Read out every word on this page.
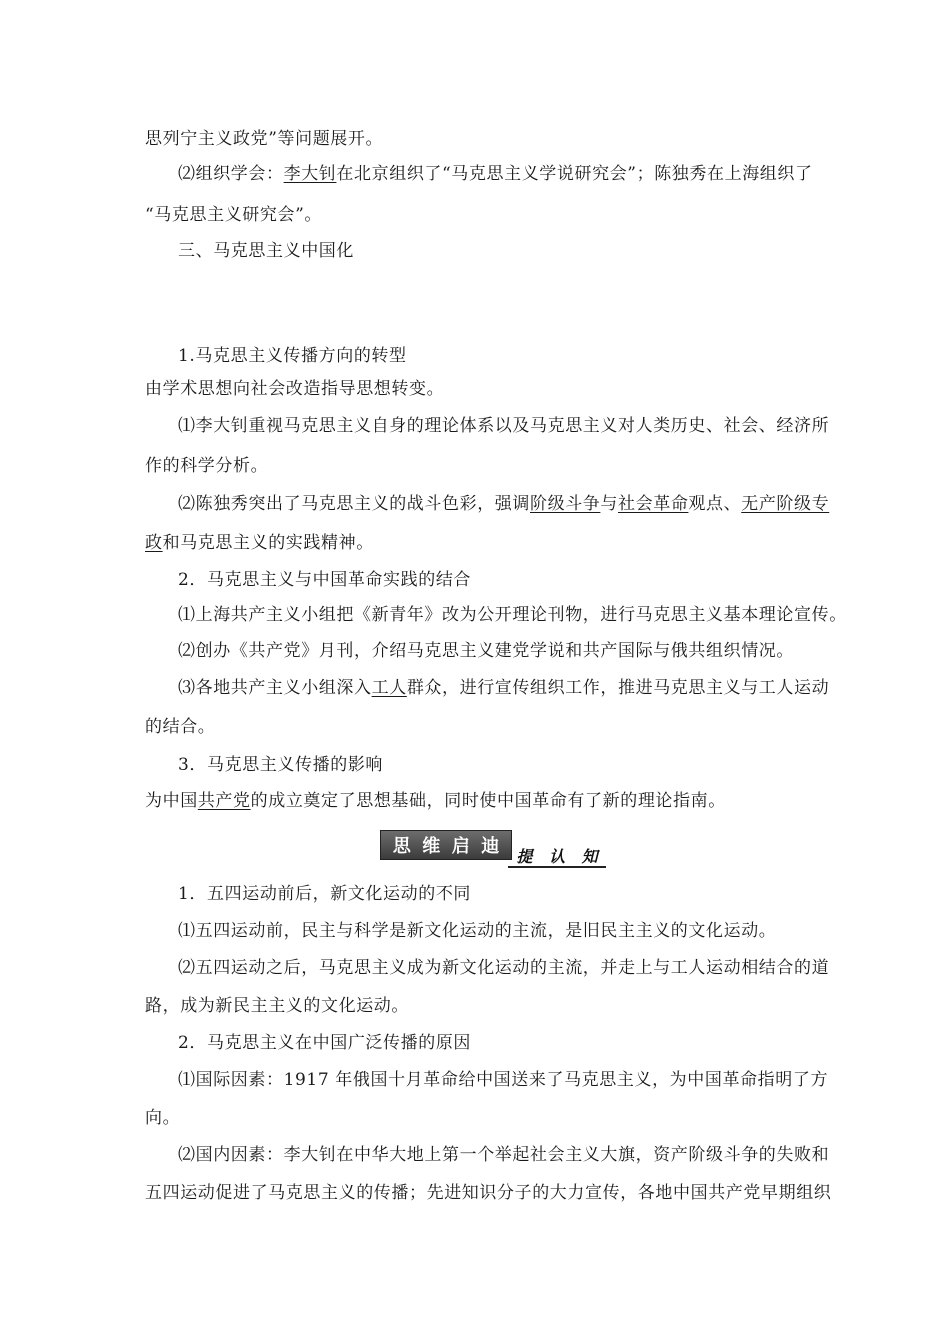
思列宁主义政党”等问题展开。
⑵组织学会：李大钊在北京组织了“马克思主义学说研究会”；陈独秀在上海组织了
“马克思主义研究会”。
三、马克思主义中国化
1.马克思主义传播方向的转型
由学术思想向社会改造指导思想转变。
⑴李大钊重视马克思主义自身的理论体系以及马克思主义对人类历史、社会、经济所
作的科学分析。
⑵陈独秀突出了马克思主义的战斗色彩，强调阶级斗争与社会革命观点、无产阶级专
政和马克思主义的实践精神。
2．马克思主义与中国革命实践的结合
⑴上海共产主义小组把《新青年》改为公开理论刊物，进行马克思主义基本理论宣传。
⑵创办《共产党》月刊，介绍马克思主义建党学说和共产国际与俄共组织情况。
⑶各地共产主义小组深入工人群众，进行宣传组织工作，推进马克思主义与工人运动
的结合。
3．马克思主义传播的影响
为中国共产党的成立奠定了思想基础，同时使中国革命有了新的理论指南。
思 维 启 迪 提 认 知
1．五四运动前后，新文化运动的不同
⑴五四运动前，民主与科学是新文化运动的主流，是旧民主主义的文化运动。
⑵五四运动之后，马克思主义成为新文化运动的主流，并走上与工人运动相结合的道
路，成为新民主主义的文化运动。
2．马克思主义在中国广泛传播的原因
⑴国际因素：1917 年俄国十月革命给中国送来了马克思主义，为中国革命指明了方
向。
⑵国内因素：李大钊在中华大地上第一个举起社会主义大旗，资产阶级斗争的失败和
五四运动促进了马克思主义的传播；先进知识分子的大力宣传，各地中国共产党早期组织
